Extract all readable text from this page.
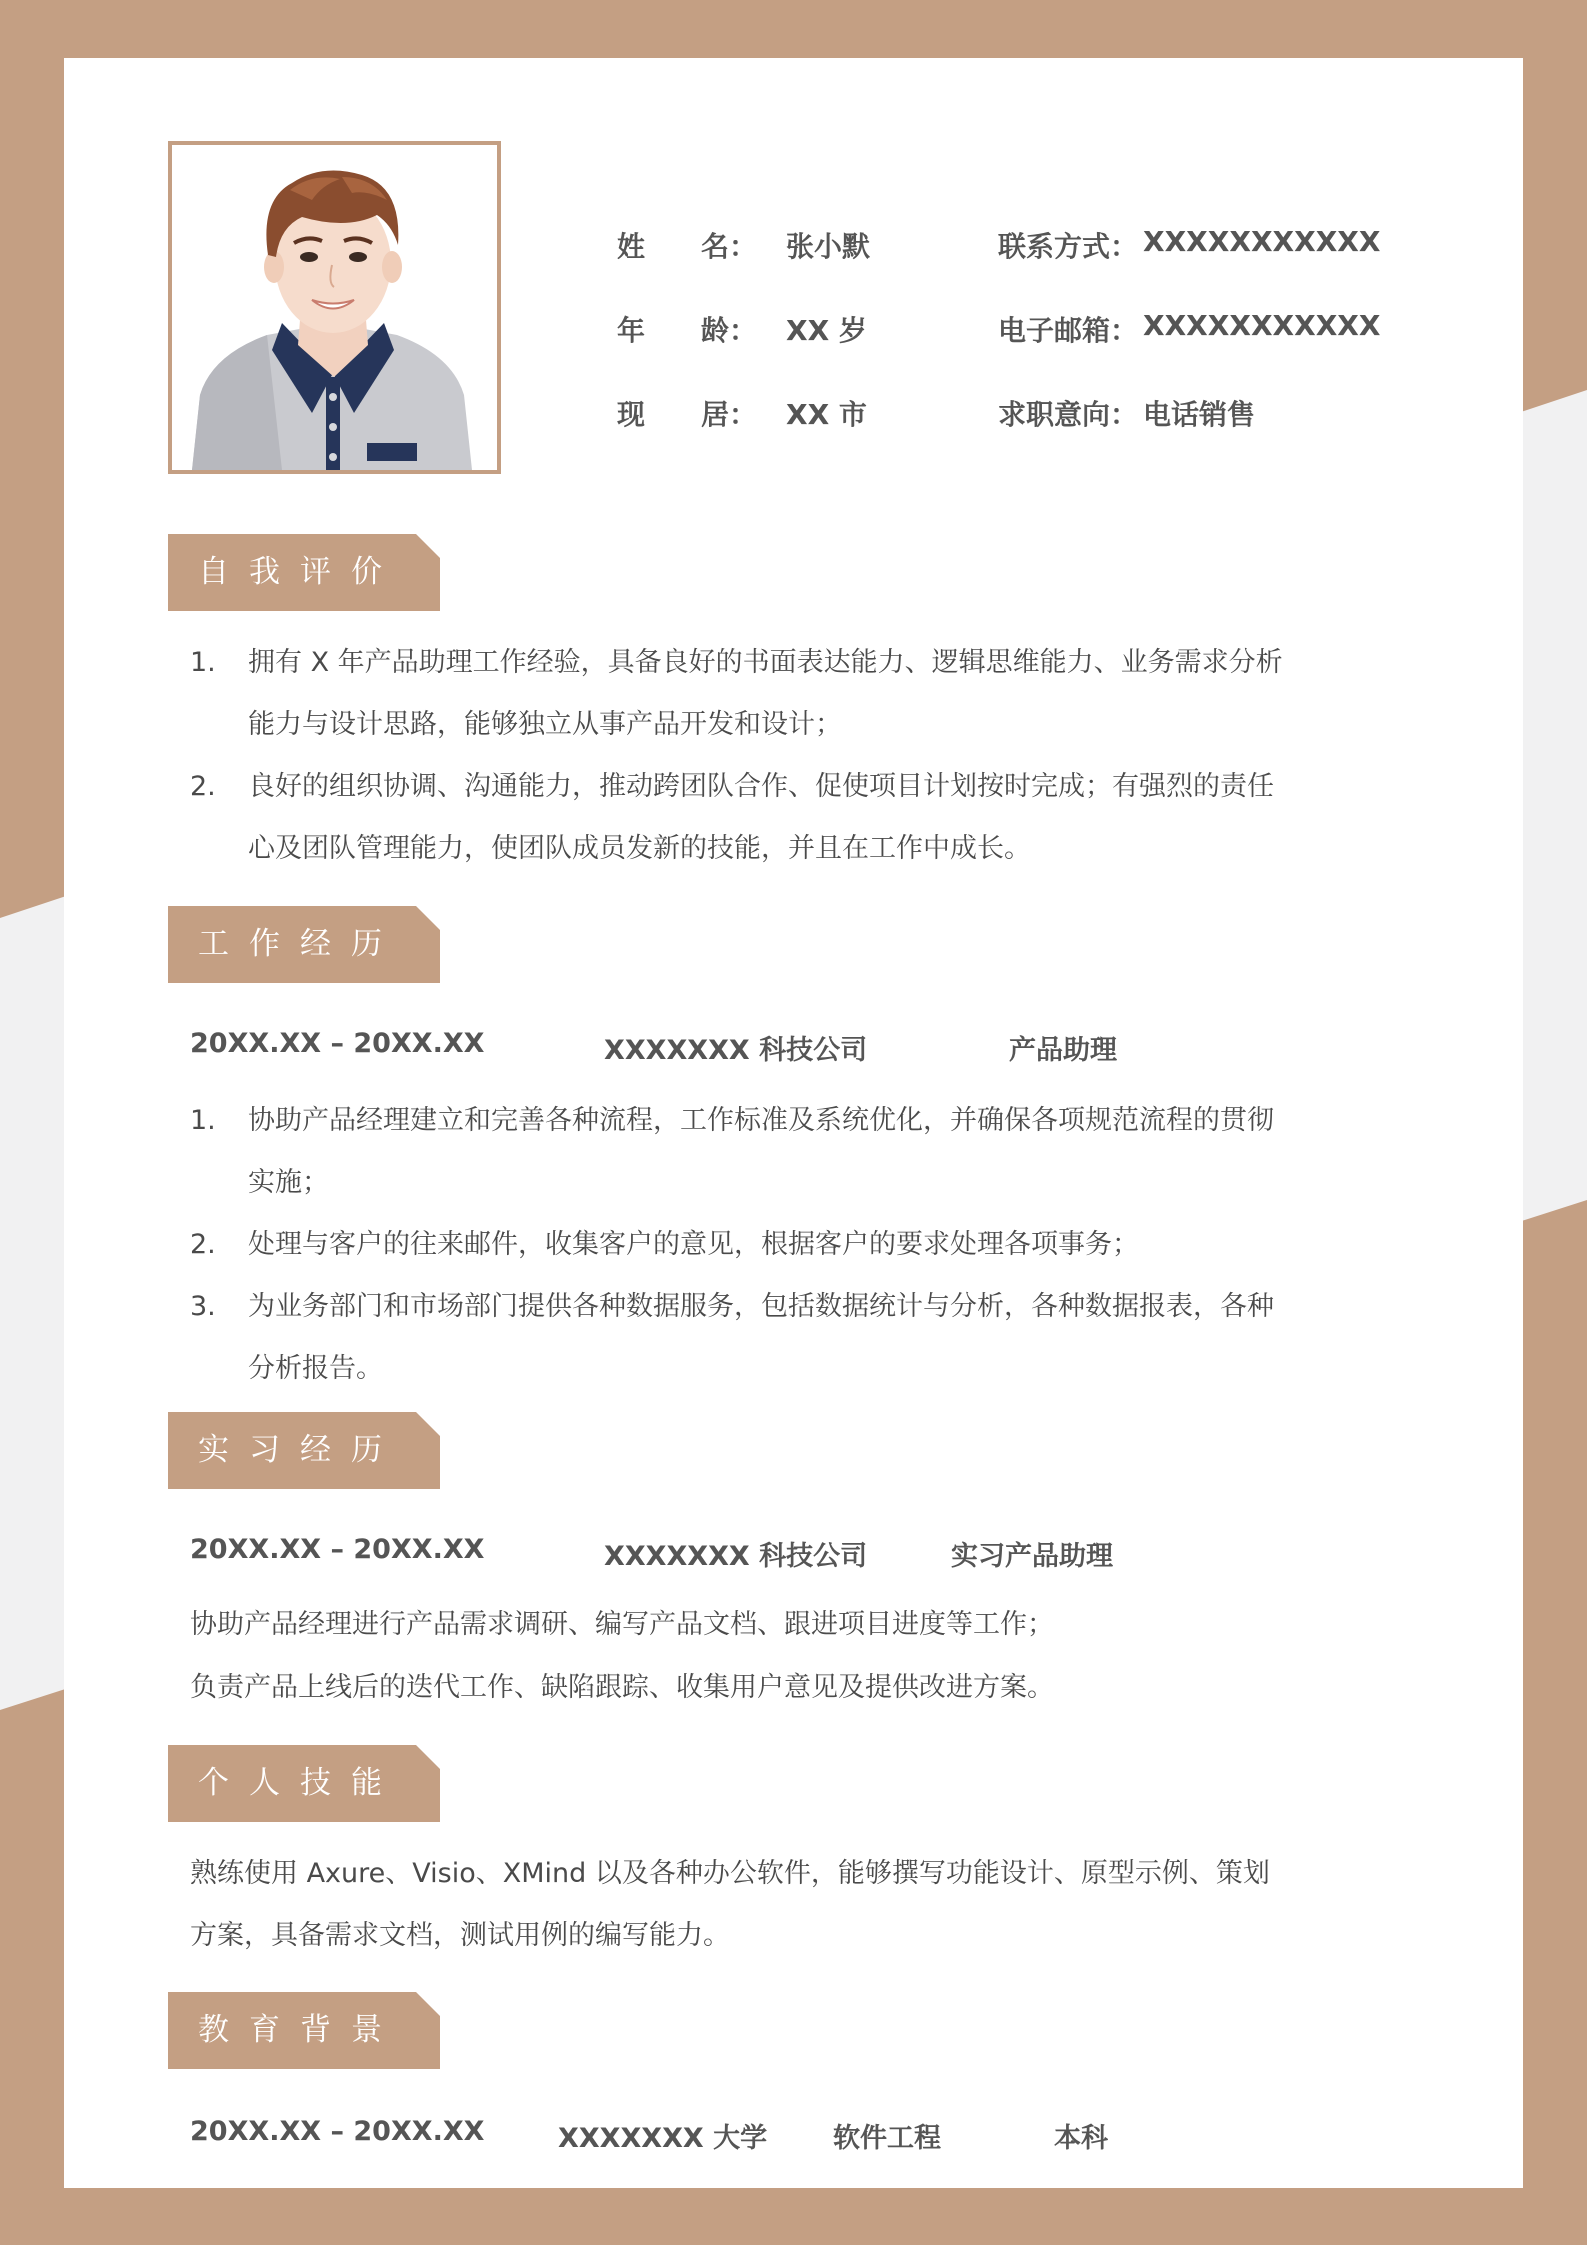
姓　　名：	张小默	联系方式： XXXXXXXXXXX
年　　龄：	XX 岁	电子邮箱： XXXXXXXXXXX
现　　居：	XX 市	求职意向： 电话销售
自我评价
1. 拥有 X 年产品助理工作经验，具备良好的书面表达能力、逻辑思维能力、业务需求分析
能力与设计思路，能够独立从事产品开发和设计；
2. 良好的组织协调、沟通能力，推动跨团队合作、促使项目计划按时完成；有强烈的责任
心及团队管理能力，使团队成员发新的技能，并且在工作中成长。
工作经历
20XX.XX – 20XX.XX	XXXXXXX 科技公司	产品助理
1. 协助产品经理建立和完善各种流程，工作标准及系统优化，并确保各项规范流程的贯彻
实施；
2. 处理与客户的往来邮件，收集客户的意见，根据客户的要求处理各项事务；
3. 为业务部门和市场部门提供各种数据服务，包括数据统计与分析，各种数据报表，各种
分析报告。
实习经历
20XX.XX – 20XX.XX	XXXXXXX 科技公司	实习产品助理
协助产品经理进行产品需求调研、编写产品文档、跟进项目进度等工作；
负责产品上线后的迭代工作、缺陷跟踪、收集用户意见及提供改进方案。
个人技能
熟练使用 Axure、Visio、XMind 以及各种办公软件，能够撰写功能设计、原型示例、策划
方案，具备需求文档，测试用例的编写能力。
教育背景
20XX.XX – 20XX.XX	XXXXXXX 大学 软件工程	本科
